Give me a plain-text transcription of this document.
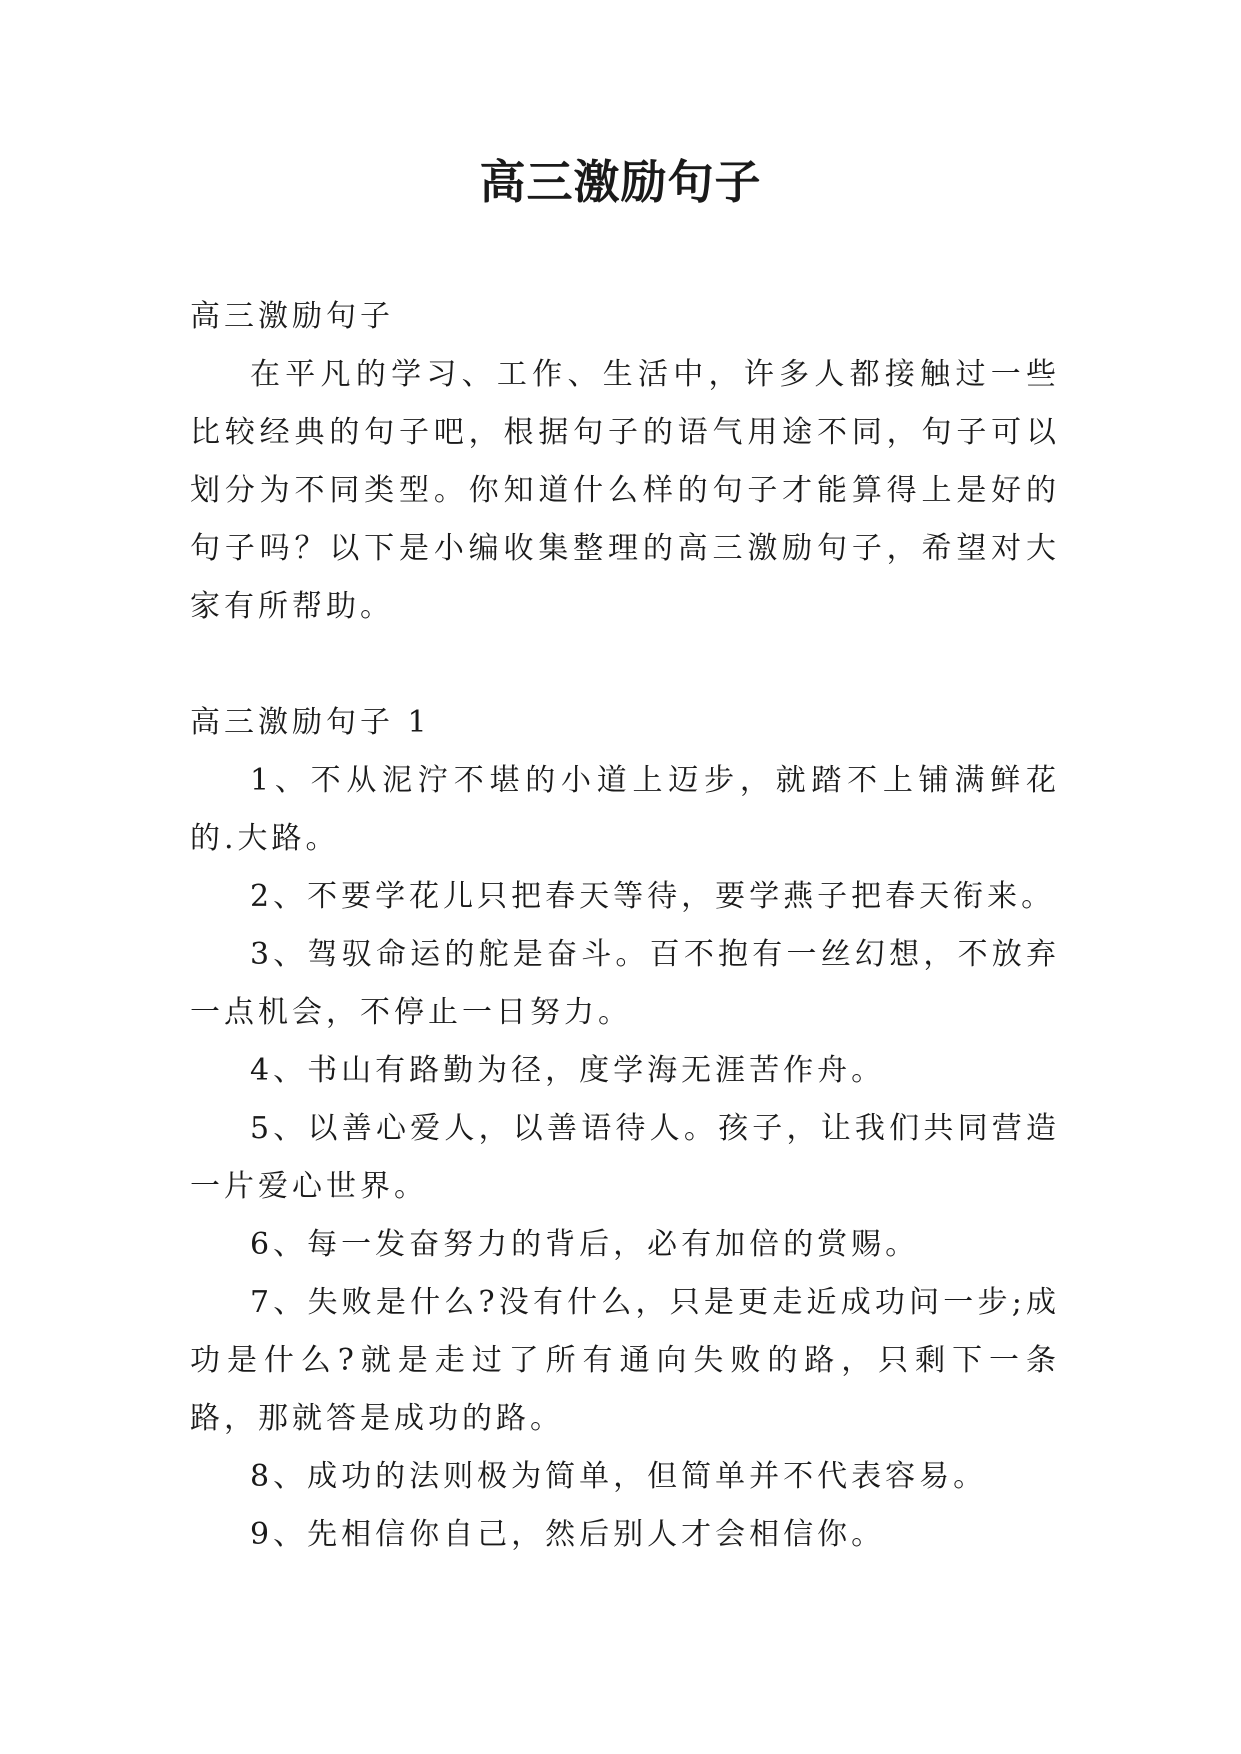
高三激励句子

高三激励句子

在平凡的学习、工作、生活中，许多人都接触过一些比较经典的句子吧，根据句子的语气用途不同，句子可以划分为不同类型。你知道什么样的句子才能算得上是好的句子吗？以下是小编收集整理的高三激励句子，希望对大家有所帮助。

高三激励句子 1

1、不从泥泞不堪的小道上迈步，就踏不上铺满鲜花的.大路。

2、不要学花儿只把春天等待，要学燕子把春天衔来。

3、驾驭命运的舵是奋斗。百不抱有一丝幻想，不放弃一点机会，不停止一日努力。

4、书山有路勤为径，度学海无涯苦作舟。

5、以善心爱人，以善语待人。孩子，让我们共同营造一片爱心世界。

6、每一发奋努力的背后，必有加倍的赏赐。

7、失败是什么?没有什么，只是更走近成功问一步;成功是什么?就是走过了所有通向失败的路，只剩下一条路，那就答是成功的路。

8、成功的法则极为简单，但简单并不代表容易。

9、先相信你自己，然后别人才会相信你。
